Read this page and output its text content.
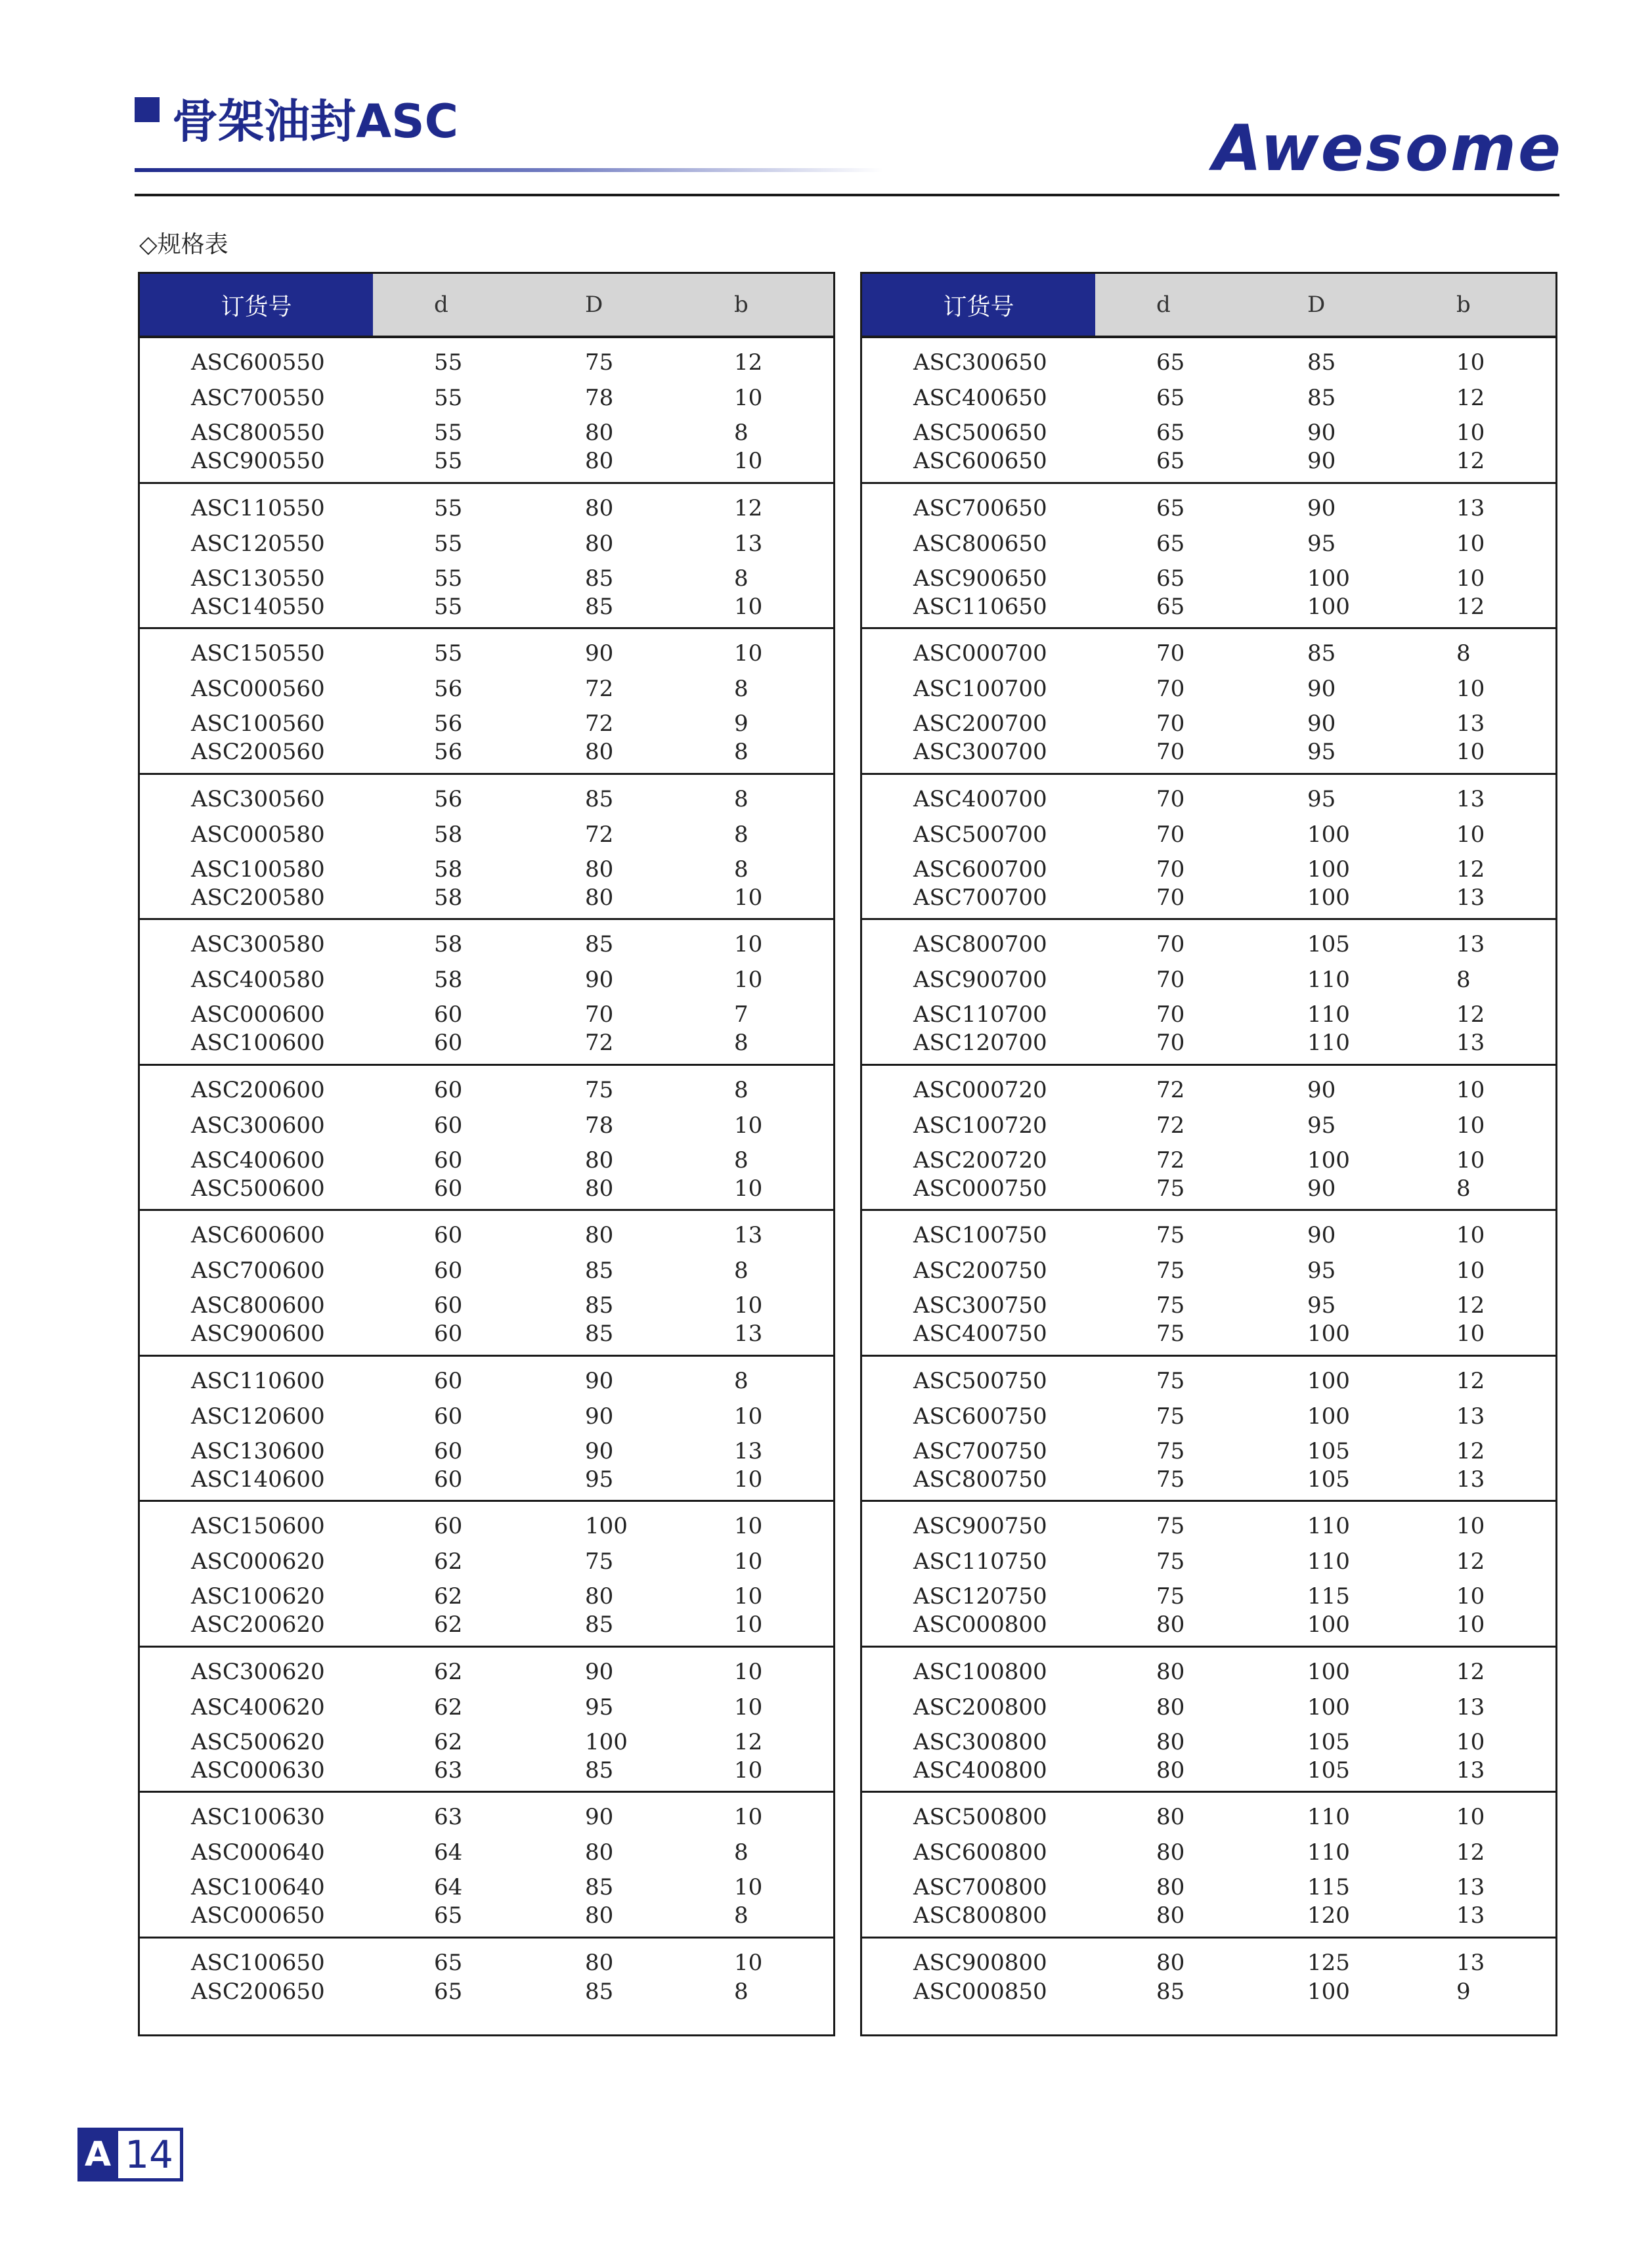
骨架油封ASC	Awesome
◇规格表
订货号	d	D	b
ASC600550	55	75	12
ASC700550	55	78	10
ASC800550	55	80	8
ASC900550	55	80	10
ASC110550	55	80	12
ASC120550	55	80	13
ASC130550	55	85	8
ASC140550	55	85	10
ASC150550	55	90	10
ASC000560	56	72	8
ASC100560	56	72	9
ASC200560	56	80	8
ASC300560	56	85	8
ASC000580	58	72	8
ASC100580	58	80	8
ASC200580	58	80	10
ASC300580	58	85	10
ASC400580	58	90	10
ASC000600	60	70	7
ASC100600	60	72	8
ASC200600	60	75	8
ASC300600	60	78	10
ASC400600	60	80	8
ASC500600	60	80	10
ASC600600	60	80	13
ASC700600	60	85	8
ASC800600	60	85	10
ASC900600	60	85	13
ASC110600	60	90	8
ASC120600	60	90	10
ASC130600	60	90	13
ASC140600	60	95	10
ASC150600	60	100	10
ASC000620	62	75	10
ASC100620	62	80	10
ASC200620	62	85	10
ASC300620	62	90	10
ASC400620	62	95	10
ASC500620	62	100	12
ASC000630	63	85	10
ASC100630	63	90	10
ASC000640	64	80	8
ASC100640	64	85	10
ASC000650	65	80	8
ASC100650	65	80	10
ASC200650	65	85	8
订货号	d	D	b
ASC300650	65	85	10
ASC400650	65	85	12
ASC500650	65	90	10
ASC600650	65	90	12
ASC700650	65	90	13
ASC800650	65	95	10
ASC900650	65	100	10
ASC110650	65	100	12
ASC000700	70	85	8
ASC100700	70	90	10
ASC200700	70	90	13
ASC300700	70	95	10
ASC400700	70	95	13
ASC500700	70	100	10
ASC600700	70	100	12
ASC700700	70	100	13
ASC800700	70	105	13
ASC900700	70	110	8
ASC110700	70	110	12
ASC120700	70	110	13
ASC000720	72	90	10
ASC100720	72	95	10
ASC200720	72	100	10
ASC000750	75	90	8
ASC100750	75	90	10
ASC200750	75	95	10
ASC300750	75	95	12
ASC400750	75	100	10
ASC500750	75	100	12
ASC600750	75	100	13
ASC700750	75	105	12
ASC800750	75	105	13
ASC900750	75	110	10
ASC110750	75	110	12
ASC120750	75	115	10
ASC000800	80	100	10
ASC100800	80	100	12
ASC200800	80	100	13
ASC300800	80	105	10
ASC400800	80	105	13
ASC500800	80	110	10
ASC600800	80	110	12
ASC700800	80	115	13
ASC800800	80	120	13
ASC900800	80	125	13
ASC000850	85	100	9
A 14
